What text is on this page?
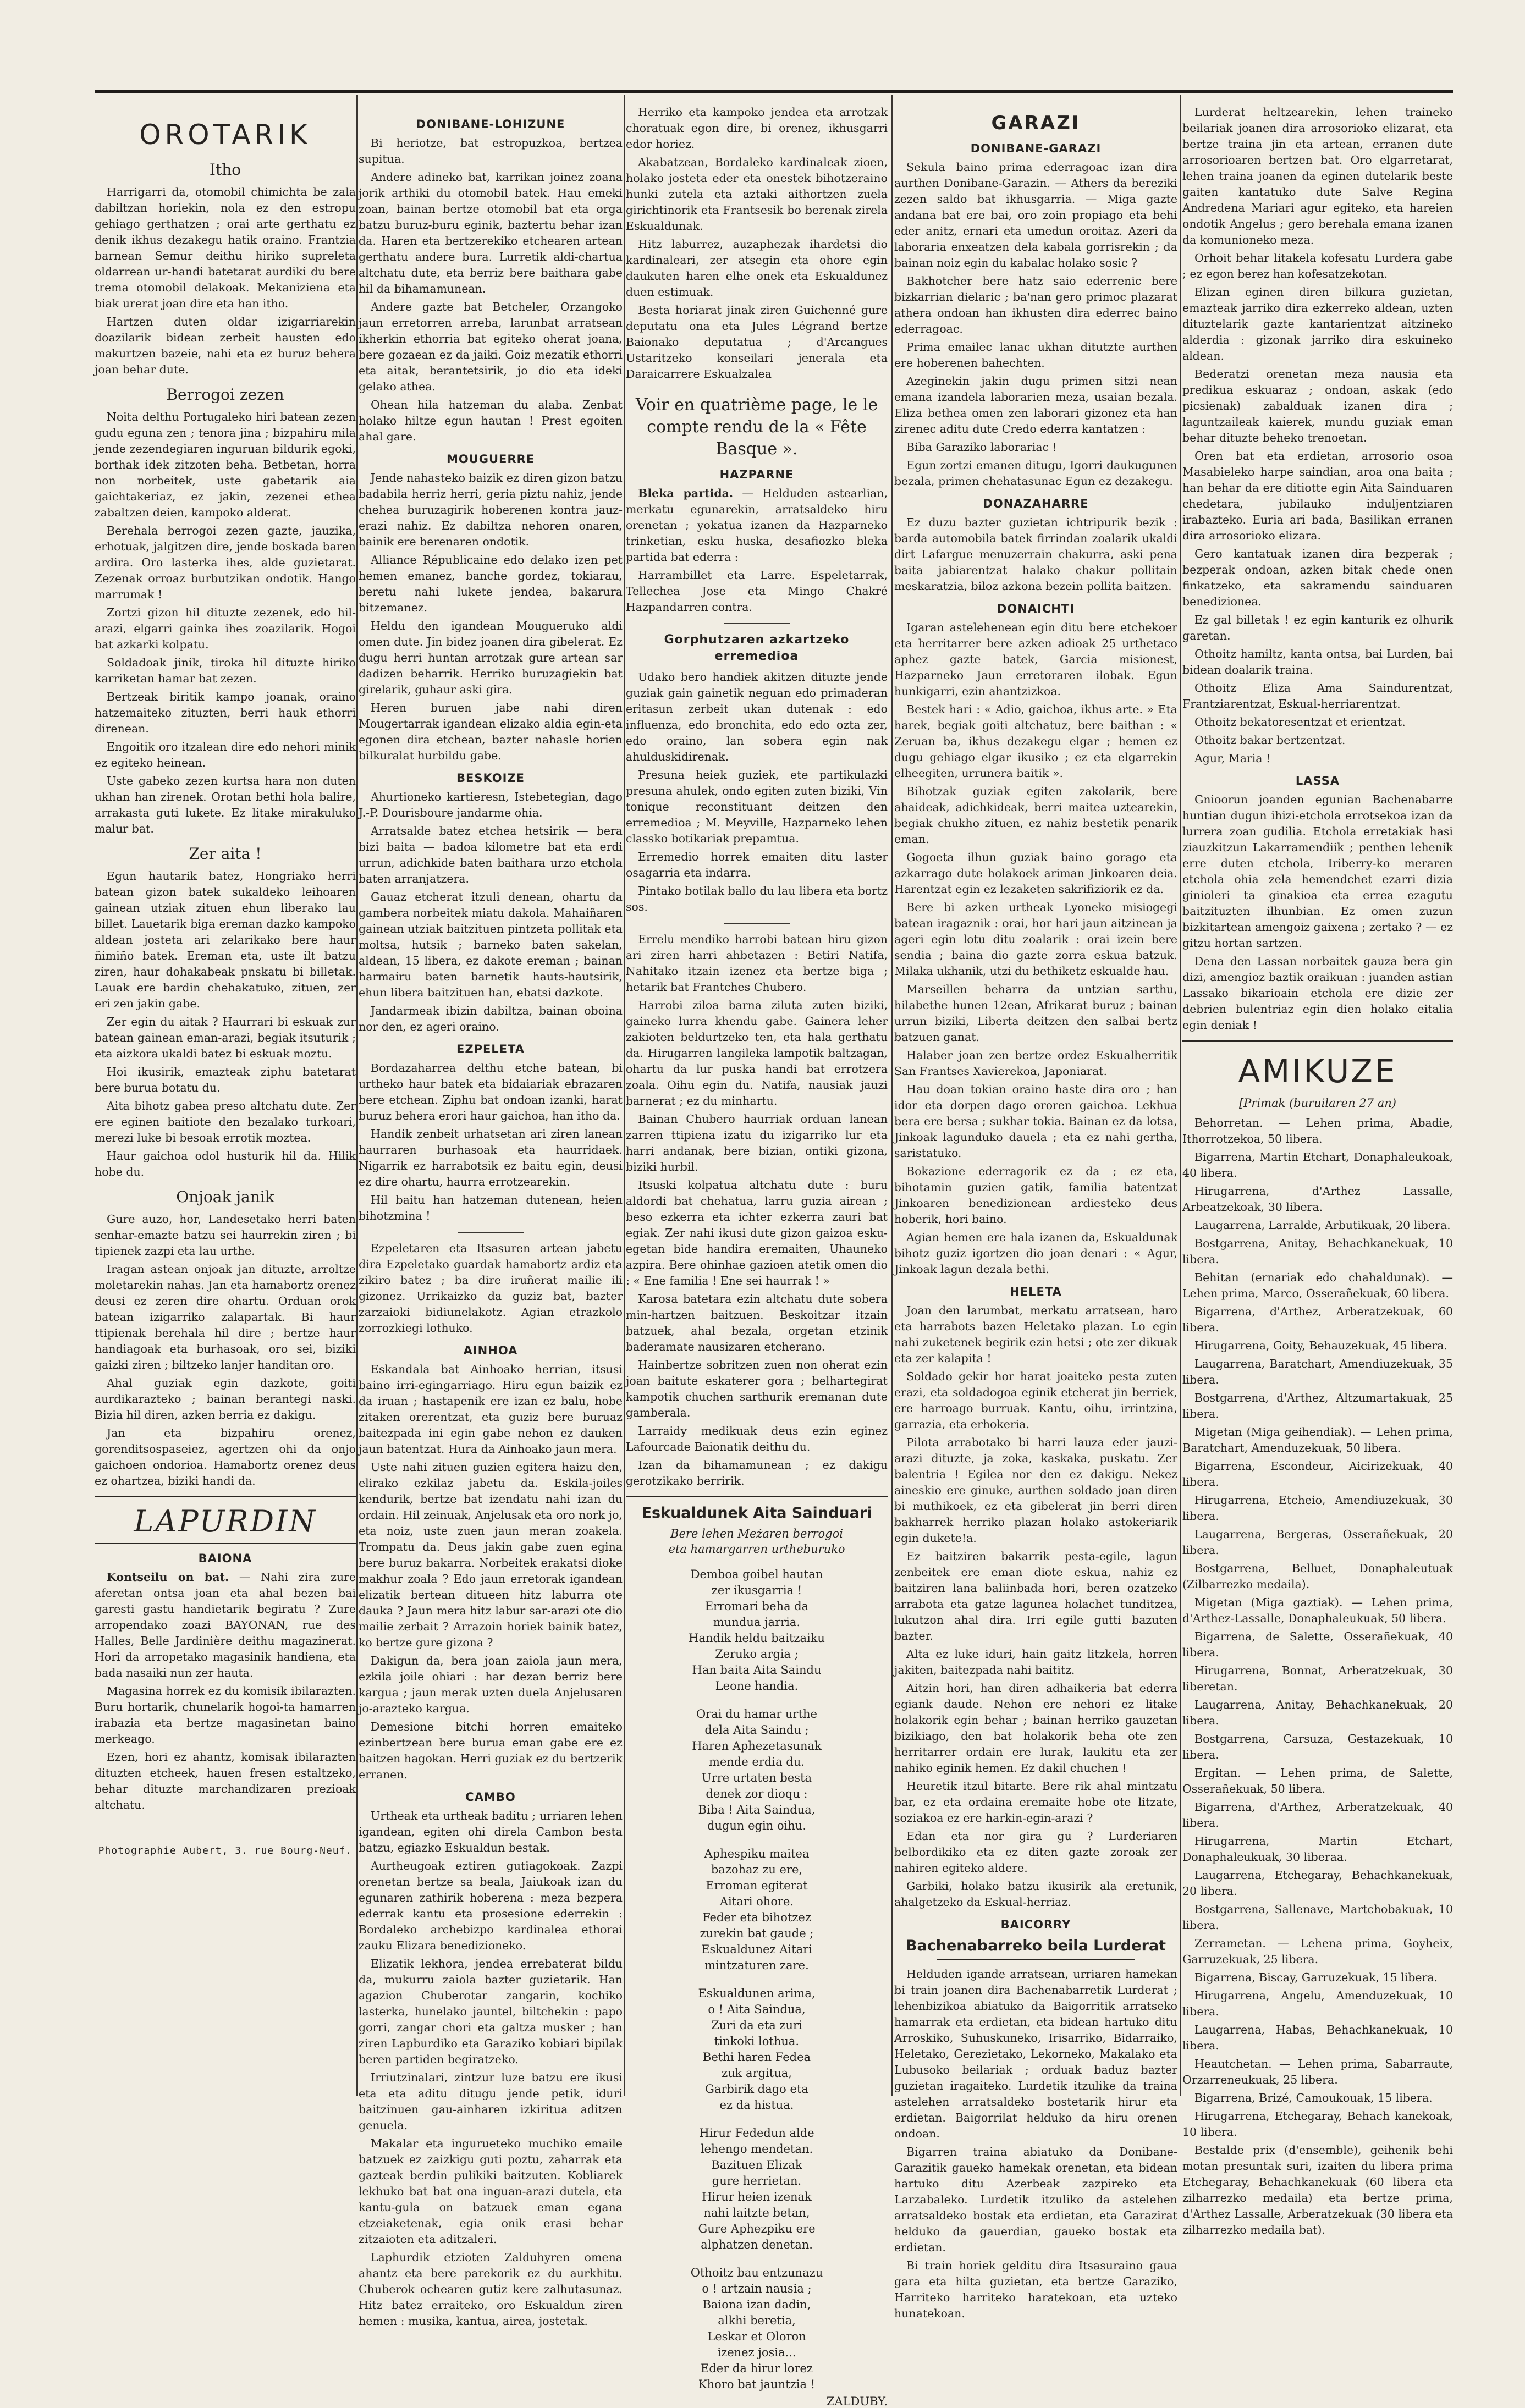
OROTARIK
Itho

Harrigarri da, otomobil chimichta be zala dabiltzan horiekin, nola ez den estropu gehiago gerthatzen ; orai arte gerthatu ez denik ikhus dezakegu hatik oraino. Frantzia barnean Semur deithu hiriko supreleta oldarrean ur-handi batetarat aurdiki du bere trema otomobil delakoak. Mekaniziena eta biak urerat joan dire eta han itho.

Hartzen duten oldar izigarriarekin doazilarik bidean zerbeit hausten edo makurtzen bazeie, nahi eta ez buruz behera joan behar dute.

Berrogoi zezen

Noita delthu Portugaleko hiri batean zezen gudu eguna zen ; tenora jina ; bizpahiru mila jende zezendegiaren inguruan bildurik egoki, borthak idek zitzoten beha. Betbetan, horra non norbeitek, uste gabetarik aia gaichtakeriaz, ez jakin, zezenei ethea zabaltzen deien, kampoko alderat.

Berehala berrogoi zezen gazte, jauzika, erhotuak, jalgitzen dire, jende boskada baren ardira. Oro lasterka ihes, alde guzietarat. Zezenak orroaz burbutzikan ondotik. Hango marrumak !

Zortzi gizon hil dituzte zezenek, edo hil-arazi, elgarri gainka ihes zoazilarik. Hogoi bat azkarki kolpatu.

Soldadoak jinik, tiroka hil dituzte hiriko karriketan hamar bat zezen.

Bertzeak biritik kampo joanak, oraino hatzemaiteko zituzten, berri hauk ethorri direnean.

Engoitik oro itzalean dire edo nehori minik ez egiteko heinean.

Uste gabeko zezen kurtsa hara non duten ukhan han zirenek. Orotan bethi hola balire, arrakasta guti lukete. Ez litake mirakuluko malur bat.

Zer aita !

Egun hautarik batez, Hongriako herri batean gizon batek sukaldeko leihoaren gainean utziak zituen ehun liberako lau billet. Lauetarik biga ereman dazko kampoko aldean josteta ari zelarikako bere haur ñimiño batek. Ereman eta, uste ilt batzu ziren, haur dohakabeak pnskatu bi billetak. Lauak ere bardin chehakatuko, zituen, zer eri zen jakin gabe.

Zer egin du aitak ? Haurrari bi eskuak zur batean gainean eman-arazi, begiak itsuturik ; eta aizkora ukaldi batez bi eskuak moztu.

Hoi ikusirik, emazteak ziphu batetarat bere burua botatu du.

Aita bihotz gabea preso altchatu dute. Zer ere eginen baitiote den bezalako turkoari, merezi luke bi besoak errotik moztea.

Haur gaichoa odol husturik hil da. Hilik hobe du.

Onjoak janik

Gure auzo, hor, Landesetako herri baten senhar-emazte batzu sei haurrekin ziren ; bi tipienek zazpi eta lau urthe.

Iragan astean onjoak jan dituzte, arroltze moletarekin nahas. Jan eta hamabortz orenez deusi ez zeren dire ohartu. Orduan orok batean izigarriko zalapartak. Bi haur ttipienak berehala hil dire ; bertze haur handiagoak eta burhasoak, oro sei, biziki gaizki ziren ; biltzeko lanjer handitan oro.

Ahal guziak egin dazkote, goiti aurdikarazteko ; bainan berantegi naski. Bizia hil diren, azken berria ez dakigu.

Jan eta bizpahiru orenez, gorenditsospaseiez, agertzen ohi da onjo gaichoen ondorioa. Hamabortz orenez deus ez ohartzea, biziki handi da.

LAPURDIN
BAIONA

Kontseilu on bat. — Nahi zira zure aferetan ontsa joan eta ahal bezen bai garesti gastu handietarik begiratu ? Zure arropendako zoazi BAYONAN, rue des Halles, Belle Jardinière deithu magazinerat. Hori da arropetako magasinik handiena, eta bada nasaiki nun zer hauta.

Magasina horrek ez du komisik ibilarazten. Buru hortarik, chunelarik hogoi-ta hamarren irabazia eta bertze magasinetan baino merkeago.

Ezen, hori ez ahantz, komisak ibilarazten dituzten etcheek, hauen fresen estaltzeko, behar dituzte marchandizaren prezioak altchatu.

Photographie Aubert, 3. rue Bourg-Neuf.
DONIBANE-LOHIZUNE

Bi heriotze, bat estropuzkoa, bertzea supitua.

Andere adineko bat, karrikan joinez zoana jorik arthiki du otomobil batek. Hau emeki zoan, bainan bertze otomobil bat eta orga batzu buruz-buru eginik, baztertu behar izan da. Haren eta bertzerekiko etchearen artean gerthatu andere bura. Lurretik aldi-chartua altchatu dute, eta berriz bere baithara gabe hil da bihamamunean.

Andere gazte bat Betcheler, Orzangoko jaun erretorren arreba, larunbat arratsean ikherkin ethorria bat egiteko oherat joana, bere gozaean ez da jaiki. Goiz mezatik ethorri eta aitak, berantetsirik, jo dio eta ideki gelako athea.

Ohean hila hatzeman du alaba. Zenbat holako hiltze egun hautan ! Prest egoiten ahal gare.

MOUGUERRE

Jende nahasteko baizik ez diren gizon batzu badabila herriz herri, geria piztu nahiz, jende chehea buruzagirik hoberenen kontra jauz-erazi nahiz. Ez dabiltza nehoren onaren, bainik ere berenaren ondotik.

Alliance Républicaine edo delako izen pet hemen emanez, banche gordez, tokiarau, beretu nahi lukete jendea, bakarura bitzemanez.

Heldu den igandean Mougueruko aldi omen dute. Jin bidez joanen dira gibelerat. Ez dugu herri huntan arrotzak gure artean sar dadizen beharrik. Herriko buruzagiekin bat girelarik, guhaur aski gira.

Heren buruen jabe nahi diren Mougertarrak igandean elizako aldia egin-eta egonen dira etchean, bazter nahasle horien bilkuralat hurbildu gabe.

BESKOIZE

Ahurtioneko kartieresn, Istebetegian, dago J.-P. Dourisboure jandarme ohia.

Arratsalde batez etchea hetsirik — bera bizi baita — badoa kilometre bat eta erdi urrun, adichkide baten baithara urzo etchola baten arranjatzera.

Gauaz etcherat itzuli denean, ohartu da gambera norbeitek miatu dakola. Mahaiñaren gainean utziak baitzituen pintzeta pollitak eta moltsa, hutsik ; barneko baten sakelan, aldean, 15 libera, ez dakote ereman ; bainan harmairu baten barnetik hauts-hautsirik, ehun libera baitzituen han, ebatsi dazkote.

Jandarmeak ibizin dabiltza, bainan oboina nor den, ez ageri oraino.

EZPELETA

Bordazaharrea delthu etche batean, bi urtheko haur batek eta bidaiariak ebrazaren bere etchean. Ziphu bat ondoan izanki, harat buruz behera erori haur gaichoa, han itho da.

Handik zenbeit urhatsetan ari ziren lanean haurraren burhasoak eta haurridaek. Nigarrik ez harrabotsik ez baitu egin, deusi ez dire ohartu, haurra errotzearekin.

Hil baitu han hatzeman dutenean, heien bihotzmina !

Ezpeletaren eta Itsasuren artean jabetu dira Ezpeletako guardak hamabortz ardiz eta zikiro batez ; ba dire iruñerat mailie ili gizonez. Urrikaizko da guziz bat, bazter zarzaioki bidiunelakotz. Agian etrazkolo zorrozkiegi lothuko.

AINHOA

Eskandala bat Ainhoako herrian, itsusi baino irri-egingarriago. Hiru egun baizik ez da iruan ; hastapenik ere izan ez balu, hobe zitaken orerentzat, eta guziz bere buruaz baitezpada ini egin gabe nehon ez dauken jaun batentzat. Hura da Ainhoako jaun mera.

Uste nahi zituen guzien egitera haizu den, elirako ezkilaz jabetu da. Eskila-joiles kendurik, bertze bat izendatu nahi izan du ordain. Hil zeinuak, Anjelusak eta oro nork jo, eta noiz, uste zuen jaun meran zoakela. Trompatu da. Deus jakin gabe zuen egina bere buruz bakarra. Norbeitek erakatsi dioke makhur zoala ? Edo jaun erretorak igandean elizatik bertean ditueen hitz laburra ote dauka ? Jaun mera hitz labur sar-arazi ote dio mailie zerbait ? Arrazoin horiek bainik batez, ko bertze gure gizona ?

Dakigun da, bera joan zaiola jaun mera, ezkila joile ohiari : har dezan berriz bere kargua ; jaun merak uzten duela Anjelusaren jo-arazteko kargua.

Demesione bitchi horren emaiteko ezinbertzean bere burua eman gabe ere ez baitzen hagokan. Herri guziak ez du bertzerik erranen.

CAMBO

Urtheak eta urtheak baditu ; urriaren lehen igandean, egiten ohi direla Cambon besta batzu, egiazko Eskualdun bestak.

Aurtheugoak eztiren gutiagokoak. Zazpi orenetan bertze sa beala, Jaiukoak izan du egunaren zathirik hoberena : meza bezpera ederrak kantu eta prosesione ederrekin : Bordaleko archebizpo kardinalea ethorai zauku Elizara benedizioneko.

Elizatik lekhora, jendea errebaterat bildu da, mukurru zaiola bazter guzietarik. Han agazion Chuberotar zangarin, kochiko lasterka, hunelako jauntel, biltchekin : papo gorri, zangar chori eta galtza musker ; han ziren Lapburdiko eta Garaziko kobiari bipilak beren partiden begiratzeko.

Irriutzinalari, zintzur luze batzu ere ikusi eta eta aditu ditugu jende petik, iduri baitzinuen gau-ainharen izkiritua aditzen genuela.

Makalar eta ingurueteko muchiko emaile batzuek ez zaizkigu guti poztu, zaharrak eta gazteak berdin pulikiki baitzuten. Kobliarek lekhuko bat bat ona inguan-arazi dutela, eta kantu-gula on batzuek eman egana etzeiaketenak, egia onik erasi behar zitzaioten eta aditzaleri.

Laphurdik etzioten Zalduhyren omena ahantz eta bere parekorik ez du aurkhitu. Chuberok ochearen gutiz kere zalhutasunaz. Hitz batez erraiteko, oro Eskualdun ziren hemen : musika, kantua, airea, jostetak.

Herriko eta kampoko jendea eta arrotzak choratuak egon dire, bi orenez, ikhusgarri edor horiez.

Akabatzean, Bordaleko kardinaleak zioen, holako josteta eder eta onestek bihotzeraino hunki zutela eta aztaki aithortzen zuela girichtinorik eta Frantsesik bo berenak zirela Eskualdunak.

Hitz laburrez, auzaphezak ihardetsi dio kardinaleari, zer atsegin eta ohore egin daukuten haren elhe onek eta Eskualdunez duen estimuak.

Besta horiarat jinak ziren Guichenné gure deputatu ona eta Jules Légrand bertze Baionako deputatua ; d'Arcangues Ustaritzeko konseilari jenerala eta Daraicarrere Eskualzalea

Voir en quatrième page, le le compte rendu de la « Fête Basque ».
HAZPARNE

Bleka partida. — Helduden astearlian, merkatu egunarekin, arratsaldeko hiru orenetan ; yokatua izanen da Hazparneko trinketian, esku huska, desafiozko bleka partida bat ederra :

Harrambillet eta Larre. Espeletarrak, Tellechea Jose eta Mingo Chakré Hazpandarren contra.

Gorphutzaren azkartzeko erremedioa

Udako bero handiek akitzen dituzte jende guziak gain gainetik neguan edo primaderan eritasun zerbeit ukan dutenak : edo influenza, edo bronchita, edo edo ozta zer, edo oraino, lan sobera egin nak ahulduskidirenak.

Presuna heiek guziek, ete partikulazki presuna ahulek, ondo egiten zuten biziki, Vin tonique reconstituant deitzen den erremedioa ; M. Meyville, Hazparneko lehen classko botikariak prepamtua.

Erremedio horrek emaiten ditu laster osagarria eta indarra.

Pintako botilak ballo du lau libera eta bortz sos.

Errelu mendiko harrobi batean hiru gizon ari ziren harri ahbetazen : Betiri Natifa, Nahitako itzain izenez eta bertze biga ; hetarik bat Frantches Chubero.

Harrobi ziloa barna ziluta zuten biziki, gaineko lurra khendu gabe. Gainera leher zakioten beldurtzeko ten, eta hala gerthatu da. Hirugarren langileka lampotik baltzagan, ohartu da lur puska handi bat errotzera zoala. Oihu egin du. Natifa, nausiak jauzi barnerat ; ez du minhartu.

Bainan Chubero haurriak orduan lanean zarren ttipiena izatu du izigarriko lur eta harri andanak, bere bizian, ontiki gizona, biziki hurbil.

Itsuski kolpatua altchatu dute : buru aldordi bat chehatua, larru guzia airean ; beso ezkerra eta ichter ezkerra zauri bat egiak. Zer nahi ikusi dute gizon gaizoa esku-egetan bide handira eremaiten, Uhauneko azpira. Bere ohinhae gazioen atetik omen dio : « Ene familia ! Ene sei haurrak ! »

Karosa batetara ezin altchatu dute sobera min-hartzen baitzuen. Beskoitzar itzain batzuek, ahal bezala, orgetan etzinik baderamate nausizaren etcherano.

Hainbertze sobritzen zuen non oherat ezin joan baitute eskaterer gora ; belhartegirat kampotik chuchen sarthurik eremanan dute gamberala.

Larraidy medikuak deus ezin eginez Lafourcade Baionatik deithu du.

Izan da bihamamunean ; ez dakigu gerotzikako berririk.

Eskualdunek Aita Sainduari
Bere lehen Meżaren berrogoi
eta hamargarren urtheburuko
Demboa goibel hautan
zer ikusgarria !
Erromari beha da
mundua jarria.
Handik heldu baitzaiku
Zeruko argia ;
Han baita Aita Saindu
Leone handia.
Orai du hamar urthe
dela Aita Saindu ;
Haren Aphezetasunak
mende erdia du.
Urre urtaten besta
denek zor dioqu :
Biba ! Aita Saindua,
dugun egin oihu.
Aphespiku maitea
bazohaz zu ere,
Erroman egiterat
Aitari ohore.
Feder eta bihotzez
zurekin bat gaude ;
Eskualdunez Aitari
mintzaturen zare.
Eskualdunen arima,
o ! Aita Saindua,
Zuri da eta zuri
tinkoki lothua.
Bethi haren Fedea
zuk argitua,
Garbirik dago eta
ez da histua.
Hirur Fededun alde
lehengo mendetan.
Bazituen Elizak
gure herrietan.
Hirur heien izenak
nahi laitzte betan,
Gure Aphezpiku ere
alphatzen denetan.
Othoitz bau entzunazu
o ! artzain nausia ;
Baiona izan dadin,
alkhi beretia,
Leskar et Oloron
izenez josia...
Eder da hirur lorez
Khoro bat jauntzia !
ZALDUBY.
GARAZI
DONIBANE-GARAZI

Sekula baino prima ederragoac izan dira aurthen Donibane-Garazin. — Athers da bereziki zezen saldo bat ikhusgarria. — Miga gazte andana bat ere bai, oro zoin propiago eta behi eder anitz, ernari eta umedun oroitaz. Azeri da laboraria enxeatzen dela kabala gorrisrekin ; da bainan noiz egin du kabalac holako sosic ?

Bakhotcher bere hatz saio ederrenic bere bizkarrian dielaric ; ba'nan gero primoc plazarat athera ondoan han ikhusten dira ederrec baino ederragoac.

Prima emailec lanac ukhan ditutzte aurthen ere hoberenen bahechten.

Azeginekin jakin dugu primen sitzi nean emana izandela laborarien meza, usaian bezala. Eliza bethea omen zen laborari gizonez eta han zirenec aditu dute Credo ederra kantatzen :

Biba Garaziko laborariac !

Egun zortzi emanen ditugu, Igorri daukugunen bezala, primen chehatasunac Egun ez dezakegu.

DONAZAHARRE

Ez duzu bazter guzietan ichtripurik bezik : barda automobila batek firrindan zoalarik ukaldi dirt Lafargue menuzerrain chakurra, aski pena baita jabiarentzat halako chakur pollitain meskaratzia, biloz azkona bezein pollita baitzen.

DONAICHTI

Igaran astelehenean egin ditu bere etchekoer eta herritarrer bere azken adioak 25 urthetaco aphez gazte batek, Garcia misionest, Hazparneko Jaun erretoraren ilobak. Egun hunkigarri, ezin ahantzizkoa.

Bestek hari : « Adio, gaichoa, ikhus arte. » Eta harek, begiak goiti altchatuz, bere baithan : « Zeruan ba, ikhus dezakegu elgar ; hemen ez dugu gehiago elgar ikusiko ; ez eta elgarrekin elheegiten, urrunera baitik ».

Bihotzak guziak egiten zakolarik, bere ahaideak, adichkideak, berri maitea uztearekin, begiak chukho zituen, ez nahiz bestetik penarik eman.

Gogoeta ilhun guziak baino gorago eta azkarrago dute holakoek ariman Jinkoaren deia. Harentzat egin ez lezaketen sakrifiziorik ez da.

Bere bi azken urtheak Lyoneko misiogegi batean iragaznik : orai, hor hari jaun aitzinean ja ageri egin lotu ditu zoalarik : orai izein bere sendia ; baina dio gazte zorra eskua batzuk. Milaka ukhanik, utzi du bethiketz eskualde hau.

Marseillen beharra da untzian sarthu, hilabethe hunen 12ean, Afrikarat buruz ; bainan urrun biziki, Liberta deitzen den salbai bertz batzuen ganat.

Halaber joan zen bertze ordez Eskualherritik San Frantses Xavierekoa, Japoniarat.

Hau doan tokian oraino haste dira oro ; han idor eta dorpen dago ororen gaichoa. Lekhua bera ere bersa ; sukhar tokia. Bainan ez da lotsa, Jinkoak lagunduko dauela ; eta ez nahi gertha, saristatuko.

Bokazione ederragorik ez da ; ez eta, bihotamin guzien gatik, familia batentzat Jinkoaren benedizionean ardiesteko deus hoberik, hori baino.

Agian hemen ere hala izanen da, Eskualdunak bihotz guziz igortzen dio joan denari : « Agur, Jinkoak lagun dezala bethi.

HELETA

Joan den larumbat, merkatu arratsean, haro eta harrabots bazen Heletako plazan. Lo egin nahi zuketenek begirik ezin hetsi ; ote zer dikuak eta zer kalapita !

Soldado gekir hor harat joaiteko pesta zuten erazi, eta soldadogoa eginik etcherat jin berriek, ere harroago burruak. Kantu, oihu, irrintzina, garrazia, eta erhokeria.

Pilota arrabotako bi harri lauza eder jauzi-arazi dituzte, ja zoka, kaskaka, puskatu. Zer balentria ! Egilea nor den ez dakigu. Nekez aineskio ere ginuke, aurthen soldado joan diren bi muthikoek, ez eta gibelerat jin berri diren bakharrek herriko plazan holako astokeriarik egin dukete!a.

Ez baitziren bakarrik pesta-egile, lagun zenbeitek ere eman diote eskua, nahiz ez baitziren lana baliinbada hori, beren ozatzeko arrabota eta gatze lagunea holachet tunditzea, lukutzon ahal dira. Irri egile gutti bazuten bazter.

Alta ez luke iduri, hain gaitz litzkela, horren jakiten, baitezpada nahi baititz.

Aitzin hori, han diren adhaikeria bat ederra egiank daude. Nehon ere nehori ez litake holakorik egin behar ; bainan herriko gauzetan bizikiago, den bat holakorik beha ote zen herritarrer ordain ere lurak, laukitu eta zer nahiko eginik hemen. Ez dakil chuchen !

Heuretik itzul bitarte. Bere rik ahal mintzatu bar, ez eta ordaina eremaite hobe ote litzate, soziakoa ez ere harkin-egin-arazi ?

Edan eta nor gira gu ? Lurderiaren belbordikiko eta ez diten gazte zoroak zer nahiren egiteko aldere.

Garbiki, holako batzu ikusirik ala eretunik, ahalgetzeko da Eskual-herriaz.

BAICORRY
Bachenabarreko beila Lurderat

Helduden igande arratsean, urriaren hamekan bi train joanen dira Bachenabarretik Lurderat ; lehenbizikoa abiatuko da Baigorritik arratseko hamarrak eta erdietan, eta bidean hartuko ditu Arroskiko, Suhuskuneko, Irisarriko, Bidarraiko, Heletako, Gerezietako, Lekorneko, Makalako eta Lubusoko beilariak ; orduak baduz bazter guzietan iragaiteko. Lurdetik itzulike da traina astelehen arratsaldeko bostetarik hirur eta erdietan. Baigorrilat helduko da hiru orenen ondoan.

Bigarren traina abiatuko da Donibane-Garazitik gaueko hamekak orenetan, eta bidean hartuko ditu Azerbeak zazpireko eta Larzabaleko. Lurdetik itzuliko da astelehen arratsaldeko bostak eta erdietan, eta Garazirat helduko da gauerdian, gaueko bostak eta erdietan.

Bi train horiek gelditu dira Itsasuraino gaua gara eta hilta guzietan, eta bertze Garaziko, Harriteko harriteko haratekoan, eta uzteko hunatekoan.

Lurderat heltzearekin, lehen traineko beilariak joanen dira arrosorioko elizarat, eta bertze traina jin eta artean, erranen dute arrosorioaren bertzen bat. Oro elgarretarat, lehen traina joanen da eginen dutelarik beste gaiten kantatuko dute Salve Regina Andredena Mariari agur egiteko, eta hareien ondotik Angelus ; gero berehala emana izanen da komunioneko meza.

Orhoit behar litakela kofesatu Lurdera gabe ; ez egon berez han kofesatzekotan.

Elizan eginen diren bilkura guzietan, emazteak jarriko dira ezkerreko aldean, uzten dituztelarik gazte kantarientzat aitzineko alderdia : gizonak jarriko dira eskuineko aldean.

Bederatzi orenetan meza nausia eta predikua eskuaraz ; ondoan, askak (edo picsienak) zabalduak izanen dira ; laguntzaileak kaierek, mundu guziak eman behar dituzte beheko trenoetan.

Oren bat eta erdietan, arrosorio osoa Masabieleko harpe saindian, aroa ona baita ; han behar da ere ditiotte egin Aita Sainduaren chedetara, jubilauko induljentziaren irabazteko. Euria ari bada, Basilikan erranen dira arrosorioko elizara.

Gero kantatuak izanen dira bezperak ; bezperak ondoan, azken bitak chede onen finkatzeko, eta sakramendu sainduaren benedizionea.

Ez gal billetak ! ez egin kanturik ez olhurik garetan.

Othoitz hamiltz, kanta ontsa, bai Lurden, bai bidean doalarik traina.

Othoitz Eliza Ama Saindurentzat, Frantziarentzat, Eskual-herriarentzat.

Othoitz bekatoresentzat et erientzat.

Othoitz bakar bertzentzat.

Agur, Maria !

LASSA

Gnioorun joanden egunian Bachenabarre huntian dugun ihizi-etchola errotsekoa izan da lurrera zoan gudilia. Etchola erretakiak hasi ziauzkitzun Lakarramendiik ; penthen lehenik erre duten etchola, Iriberry-ko meraren etchola ohia zela hemendchet ezarri dizia ginioleri ta ginakioa eta errea ezagutu baitzituzten ilhunbian. Ez omen zuzun bizkitartean amengoiz gaixena ; zertako ? — ez gitzu hortan sartzen.

Dena den Lassan norbaitek gauza bera gin dizi, amengioz baztik oraikuan : juanden astian Lassako bikarioain etchola ere dizie zer debrien bulentriaz egin dien holako eitalia egin deniak !

AMIKUZE
[Primak (buruilaren 27 an)

Behorretan. — Lehen prima, Abadie, Ithorrotzekoa, 50 libera.

Bigarrena, Martin Etchart, Donaphaleukoak, 40 libera.

Hirugarrena, d'Arthez Lassalle, Arbeatzekoak, 30 libera.

Laugarrena, Larralde, Arbutikuak, 20 libera.

Bostgarrena, Anitay, Behachkanekuak, 10 libera.

Behitan (ernariak edo chahaldunak). — Lehen prima, Marco, Osserañekuak, 60 libera.

Bigarrena, d'Arthez, Arberatzekuak, 60 libera.

Hirugarrena, Goity, Behauzekuak, 45 libera.

Laugarrena, Baratchart, Amendiuzekuak, 35 libera.

Bostgarrena, d'Arthez, Altzumartakuak, 25 libera.

Migetan (Miga geihendiak). — Lehen prima, Baratchart, Amenduzekuak, 50 libera.

Bigarrena, Escondeur, Aicirizekuak, 40 libera.

Hirugarrena, Etcheio, Amendiuzekuak, 30 libera.

Laugarrena, Bergeras, Osserañekuak, 20 libera.

Bostgarrena, Belluet, Donaphaleutuak (Zilbarrezko medaila).

Migetan (Miga gaztiak). — Lehen prima, d'Arthez-Lassalle, Donaphaleukuak, 50 libera.

Bigarrena, de Salette, Osserañekuak, 40 libera.

Hirugarrena, Bonnat, Arberatzekuak, 30 liberetan.

Laugarrena, Anitay, Behachkanekuak, 20 libera.

Bostgarrena, Carsuza, Gestazekuak, 10 libera.

Ergitan. — Lehen prima, de Salette, Osserañekuak, 50 libera.

Bigarrena, d'Arthez, Arberatzekuak, 40 libera.

Hirugarrena, Martin Etchart, Donaphaleukuak, 30 liberaa.

Laugarrena, Etchegaray, Behachkanekuak, 20 libera.

Bostgarrena, Sallenave, Martchobakuak, 10 libera.

Zerrametan. — Lehena prima, Goyheix, Garruzekuak, 25 libera.

Bigarrena, Biscay, Garruzekuak, 15 libera.

Hirugarrena, Angelu, Amenduzekuak, 10 libera.

Laugarrena, Habas, Behachkanekuak, 10 libera.

Heautchetan. — Lehen prima, Sabarraute, Orzarreneukuak, 25 libera.

Bigarrena, Brizé, Camoukouak, 15 libera.

Hirugarrena, Etchegaray, Behach kanekoak, 10 libera.

Bestalde prix (d'ensemble), geihenik behi motan presuntak suri, izaiten du libera prima Etchegaray, Behachkanekuak (60 libera eta zilharrezko medaila) eta bertze prima, d'Arthez Lassalle, Arberatzekuak (30 libera eta zilharrezko medaila bat).
